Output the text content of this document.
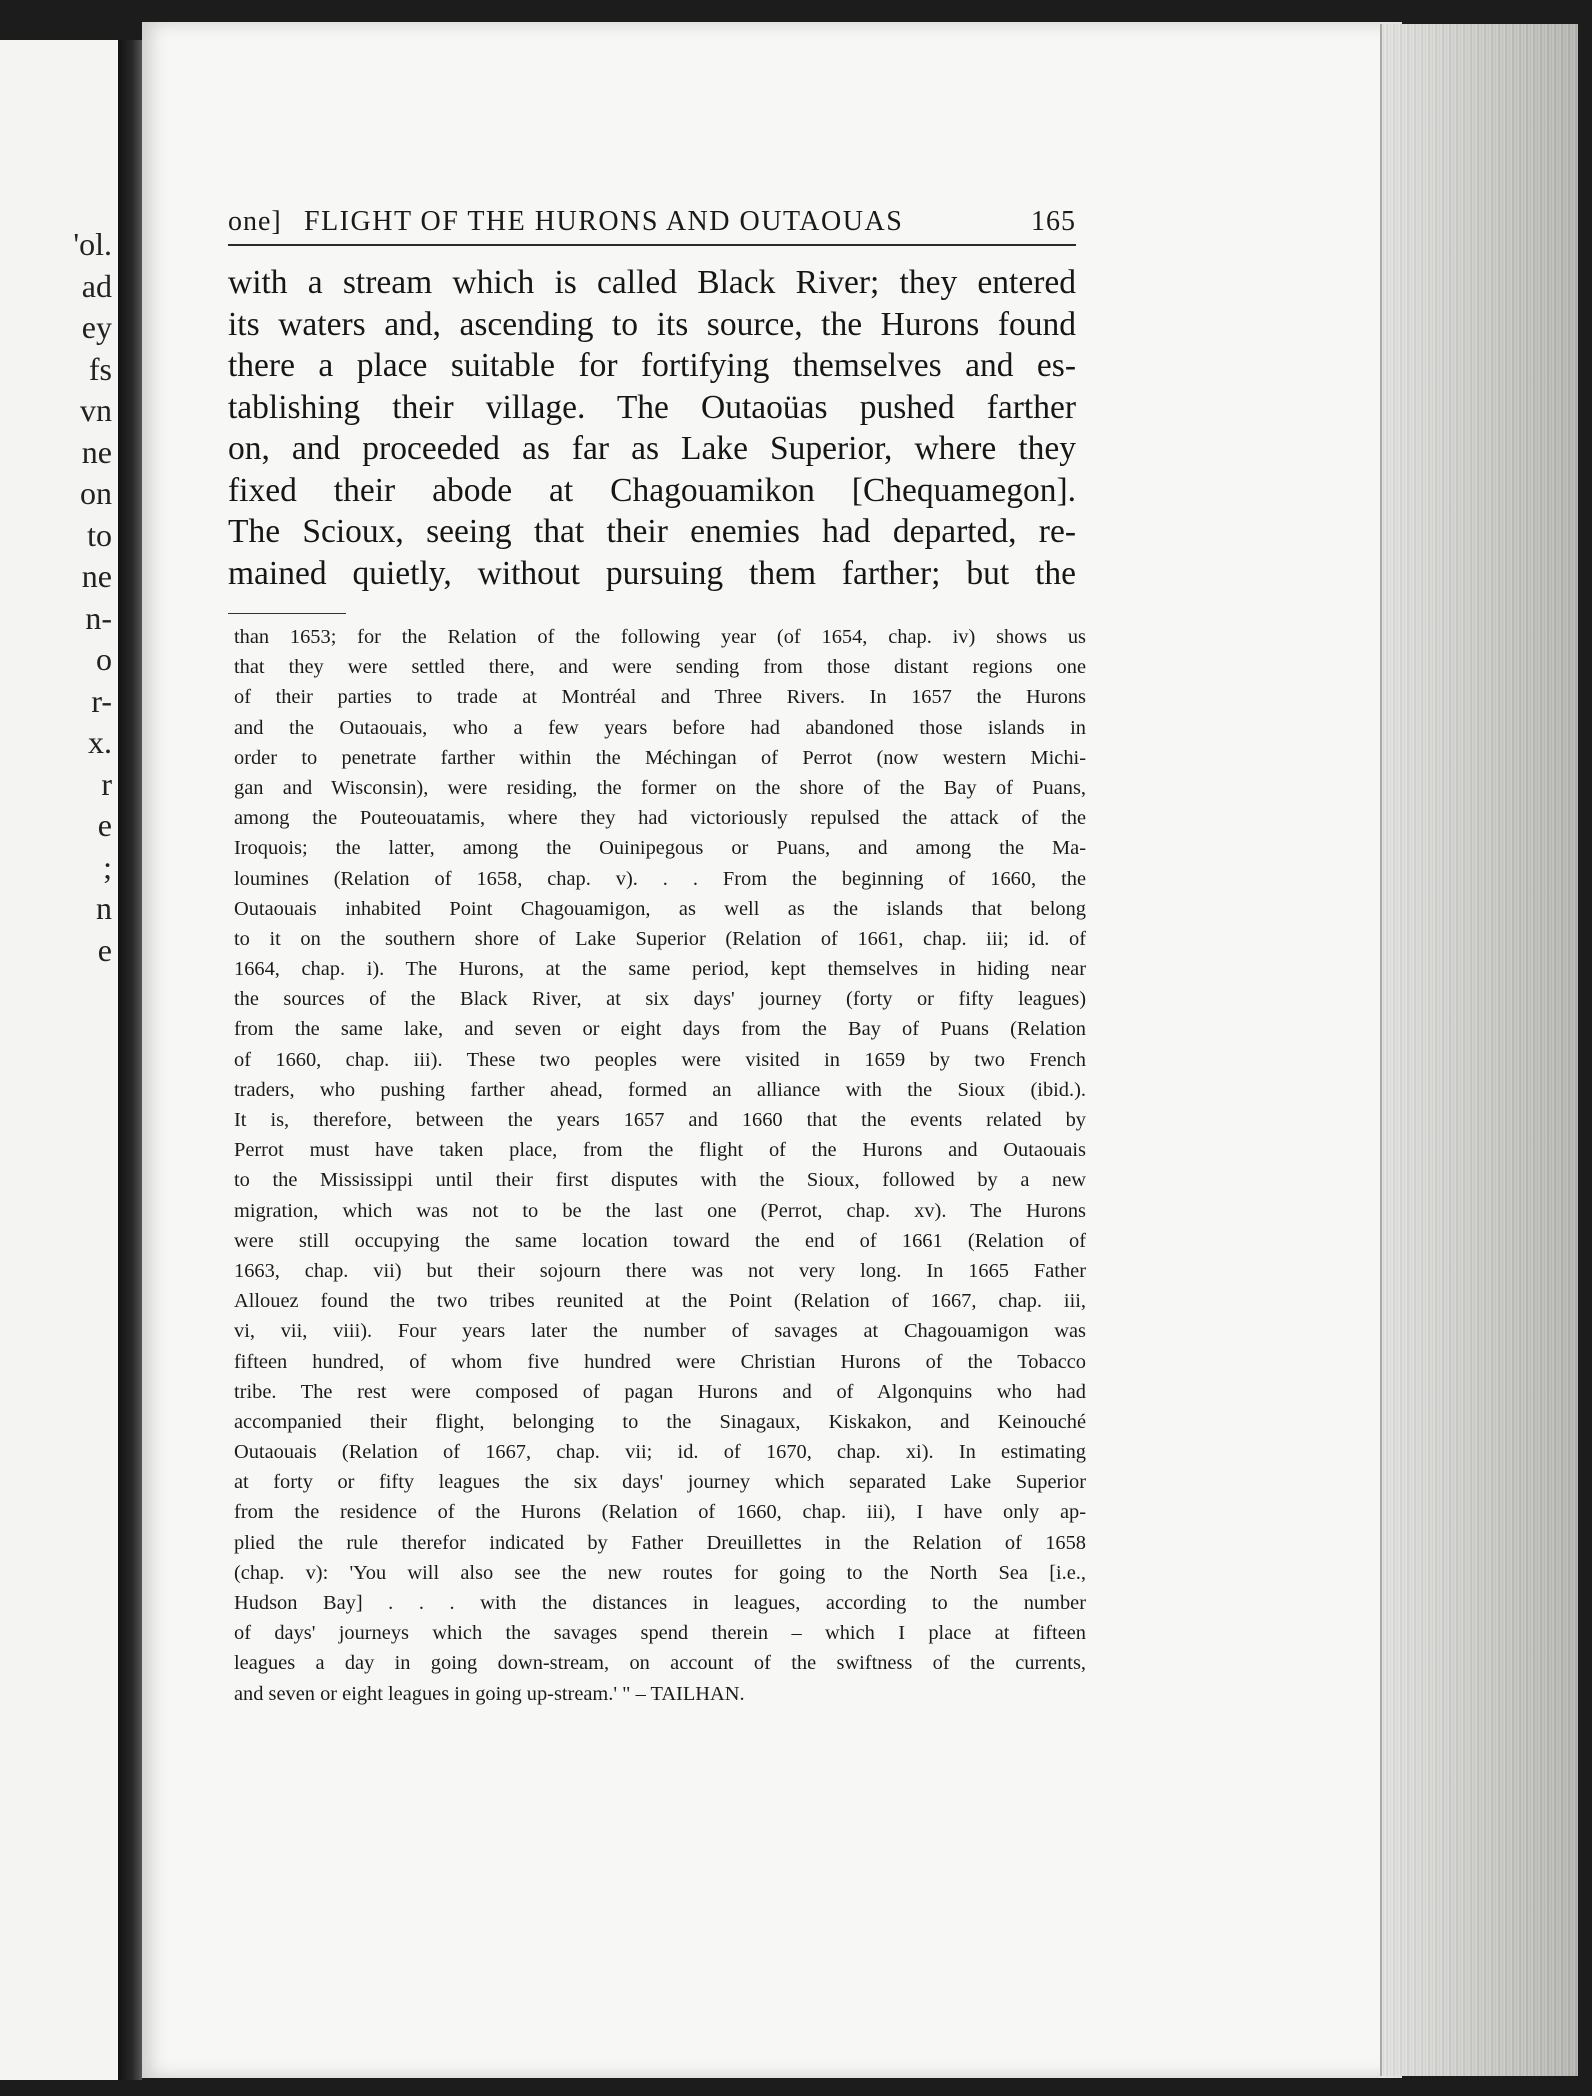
'ol.
ad
ey
fs
vn
ne
on
to
ne
n-
o
r-
x.
r
e
;
n
e
one] FLIGHT OF THE HURONS AND OUTAOUAS	165
with a stream which is called Black River; they entered
its waters and, ascending to its source, the Hurons found
there a place suitable for fortifying themselves and es-
tablishing their village. The Outaoüas pushed farther
on, and proceeded as far as Lake Superior, where they
fixed their abode at Chagouamikon [Chequamegon].
The Scioux, seeing that their enemies had departed, re-
mained quietly, without pursuing them farther; but the
than 1653; for the Relation of the following year (of 1654, chap. iv) shows us
that they were settled there, and were sending from those distant regions one
of their parties to trade at Montréal and Three Rivers. In 1657 the Hurons
and the Outaouais, who a few years before had abandoned those islands in
order to penetrate farther within the Méchingan of Perrot (now western Michi-
gan and Wisconsin), were residing, the former on the shore of the Bay of Puans,
among the Pouteouatamis, where they had victoriously repulsed the attack of the
Iroquois; the latter, among the Ouinipegous or Puans, and among the Ma-
loumines (Relation of 1658, chap. v). . . From the beginning of 1660, the
Outaouais inhabited Point Chagouamigon, as well as the islands that belong
to it on the southern shore of Lake Superior (Relation of 1661, chap. iii; id. of
1664, chap. i). The Hurons, at the same period, kept themselves in hiding near
the sources of the Black River, at six days' journey (forty or fifty leagues)
from the same lake, and seven or eight days from the Bay of Puans (Relation
of 1660, chap. iii). These two peoples were visited in 1659 by two French
traders, who pushing farther ahead, formed an alliance with the Sioux (ibid.).
It is, therefore, between the years 1657 and 1660 that the events related by
Perrot must have taken place, from the flight of the Hurons and Outaouais
to the Mississippi until their first disputes with the Sioux, followed by a new
migration, which was not to be the last one (Perrot, chap. xv). The Hurons
were still occupying the same location toward the end of 1661 (Relation of
1663, chap. vii) but their sojourn there was not very long. In 1665 Father
Allouez found the two tribes reunited at the Point (Relation of 1667, chap. iii,
vi, vii, viii). Four years later the number of savages at Chagouamigon was
fifteen hundred, of whom five hundred were Christian Hurons of the Tobacco
tribe. The rest were composed of pagan Hurons and of Algonquins who had
accompanied their flight, belonging to the Sinagaux, Kiskakon, and Keinouché
Outaouais (Relation of 1667, chap. vii; id. of 1670, chap. xi). In estimating
at forty or fifty leagues the six days' journey which separated Lake Superior
from the residence of the Hurons (Relation of 1660, chap. iii), I have only ap-
plied the rule therefor indicated by Father Dreuillettes in the Relation of 1658
(chap. v): 'You will also see the new routes for going to the North Sea [i.e.,
Hudson Bay] . . . with the distances in leagues, according to the number
of days' journeys which the savages spend therein – which I place at fifteen
leagues a day in going down-stream, on account of the swiftness of the currents,
and seven or eight leagues in going up-stream.' " – TAILHAN.
